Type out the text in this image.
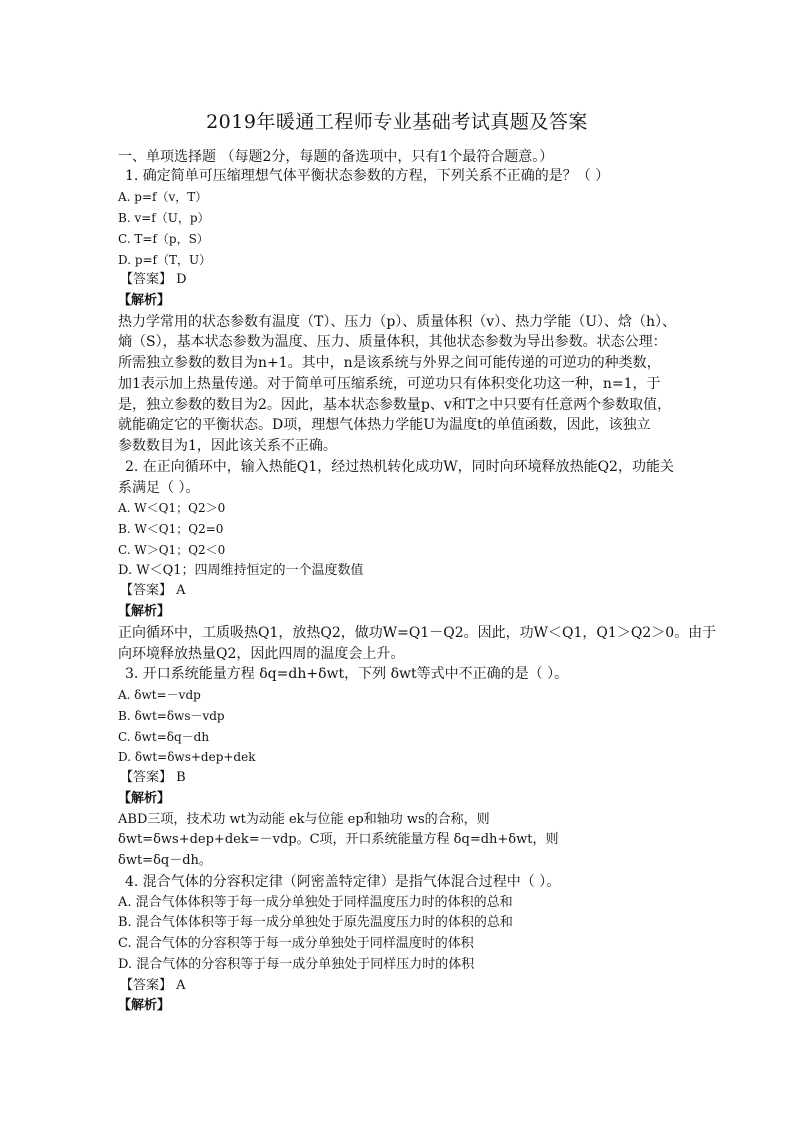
2019年暖通工程师专业基础考试真题及答案
一、单项选择题 （每题2分，每题的备选项中，只有1个最符合题意。）
1. 确定简单可压缩理想气体平衡状态参数的方程，下列关系不正确的是？（ ）
A. p=f（v，T）
B. v=f（U，p）
C. T=f（p，S）
D. p=f（T，U）
【答案】 D
【解析】
热力学常用的状态参数有温度（T）、压力（p）、质量体积（v）、热力学能（U）、焓（h）、
熵（S），基本状态参数为温度、压力、质量体积，其他状态参数为导出参数。状态公理：
所需独立参数的数目为n+1。其中，n是该系统与外界之间可能传递的可逆功的种类数，
加1表示加上热量传递。对于简单可压缩系统，可逆功只有体积变化功这一种，n=1，于
是，独立参数的数目为2。因此，基本状态参数量p、v和T之中只要有任意两个参数取值，
就能确定它的平衡状态。D项，理想气体热力学能U为温度t的单值函数，因此，该独立
参数数目为1，因此该关系不正确。
2. 在正向循环中，输入热能Q1，经过热机转化成功W，同时向环境释放热能Q2，功能关
系满足（ ）。
A. W＜Q1；Q2＞0
B. W＜Q1；Q2=0
C. W＞Q1；Q2＜0
D. W＜Q1；四周维持恒定的一个温度数值
【答案】 A
【解析】
正向循环中，工质吸热Q1，放热Q2，做功W=Q1－Q2。因此，功W＜Q1，Q1＞Q2＞0。由于
向环境释放热量Q2，因此四周的温度会上升。
3. 开口系统能量方程 δq=dh+δwt，下列 δwt等式中不正确的是（ ）。
A. δwt=－vdp
B. δwt=δws－vdp
C. δwt=δq－dh
D. δwt=δws+dep+dek
【答案】 B
【解析】
ABD三项，技术功 wt为动能 ek与位能 ep和轴功 ws的合称，则
δwt=δws+dep+dek=－vdp。C项，开口系统能量方程 δq=dh+δwt，则
δwt=δq－dh。
4. 混合气体的分容积定律（阿密盖特定律）是指气体混合过程中（ ）。
A. 混合气体体积等于每一成分单独处于同样温度压力时的体积的总和
B. 混合气体体积等于每一成分单独处于原先温度压力时的体积的总和
C. 混合气体的分容积等于每一成分单独处于同样温度时的体积
D. 混合气体的分容积等于每一成分单独处于同样压力时的体积
【答案】 A
【解析】
